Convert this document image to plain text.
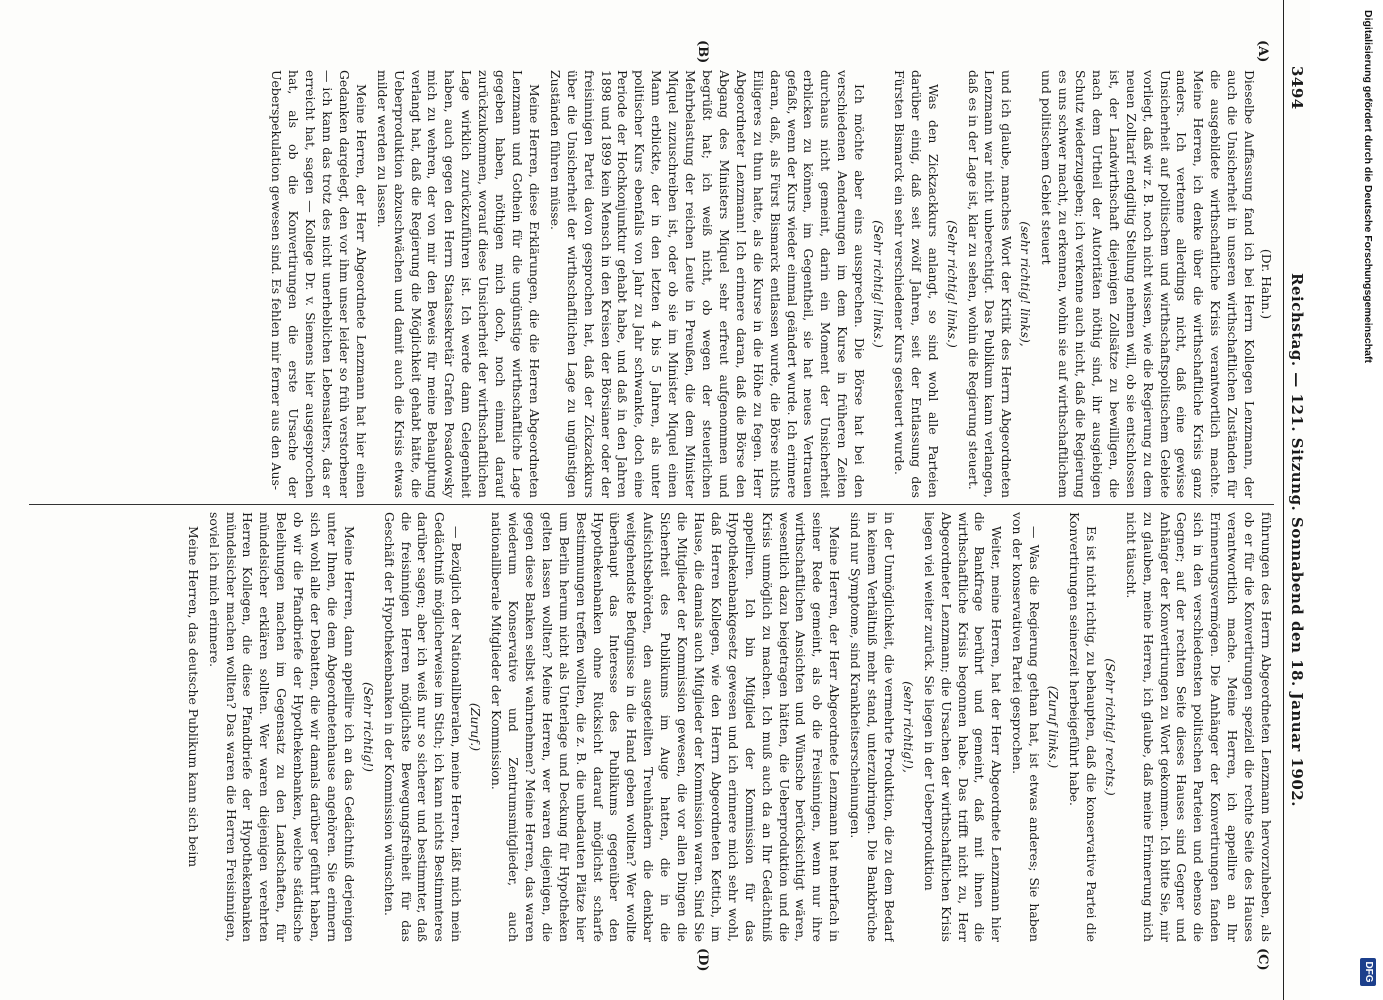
3494
Reichstag. — 121. Sitzung. Sonnabend den 18. Januar 1902.
(A)
(B)
(C)
(D)

(Dr. Hahn.)

Dieselbe Auffassung fand ich bei Herrn Kollegen Lenzmann, der auch die Unsicherheit in unseren wirthschaftlichen Zuständen für die ausgebildete wirthschaftliche Krisis verantwortlich machte. Meine Herren, ich denke über die wirthschaftliche Krisis ganz anders. Ich vertenne allerdings nicht, daß eine gewisse Unsicherheit auf politischem und wirthschaftspolitischem Gebiete vorliegt, daß wir z. B. noch nicht wissen, wie die Regierung zu dem neuen Zolltarif endgiltig Stellung nehmen will, ob sie entschlossen ist, der Landwirthschaft diejenigen Zollsätze zu bewilligen, die nach dem Urtheil der Autoritäten nöthig sind, ihr ausgiebigen Schutz wiederzugeben; ich verkenne auch nicht, daß die Regierung es uns schwer macht, zu erkennen, wohin sie auf wirthschaftlichem und politischem Gebiet steuert

(sehr richtig! links),

und ich glaube, manches Wort der Kritik des Herrn Abgeordneten Lenzmann war nicht unberechtigt. Das Publikum kann verlangen, daß es in der Lage ist, klar zu sehen, wohin die Regierung steuert.

(Sehr richtig! links.)

Was den Zickzackkurs anlangt, so sind wohl alle Parteien darüber einig, daß seit zwölf Jahren, seit der Entlassung des Fürsten Bismarck ein sehr verschiedener Kurs gesteuert wurde.

(Sehr richtig! links.)

Ich möchte aber eins aussprechen. Die Börse hat bei den verschiedenen Aenderungen im dem Kurse in früheren Zeiten durchaus nicht gemeint, darin ein Moment der Unsicherheit erblicken zu können, im Gegentheil, sie hat neues Vertrauen gefaßt, wenn der Kurs wieder einmal geändert wurde. Ich erinnere daran, daß, als Fürst Bismarck entlassen wurde, die Börse nichts Eiligeres zu thun hatte, als die Kurse in die Höhe zu fegen. Herr Abgeordneter Lenzmann! Ich erinnere daran, daß die Börse den Abgang des Ministers Miquel sehr erfreut aufgenommen und begrüßt hat; ich weiß nicht, ob wegen der steuerlichen Mehrbelastung der reichen Leute in Preußen, die dem Minister Miquel zuzuschreiben ist, oder ob sie im Minister Miquel einen Mann erblickte, der in den letzten 4 bis 5 Jahren, als unter politischer Kurs ebenfalls von Jahr zu Jahr schwankte, doch eine Periode der Hochkonjunktur gehabt habe, und daß in den Jahren 1898 und 1899 kein Mensch in den Kreisen der Börsianer oder der freisinnigen Partei davon gesprochen hat, daß der Zickzackkurs über die Unsicherheit der wirthschaftlichen Lage zu ungünstigen Zuständen führen müsse.

Meine Herren, diese Erklärungen, die die Herren Abgeordneten Lenzmann und Gothein für die ungünstige wirthschaftliche Lage gegeben haben, nöthigen mich doch, noch einmal darauf zurückzukommen, worauf diese Unsicherheit der wirthschaftlichen Lage wirklich zurückzuführen ist. Ich werde dann Gelegenheit haben, auch gegen den Herrn Staatssekretär Grafen Posadowsky mich zu wehren, der von mir den Beweis für meine Behauptung verlangt hat, daß die Regierung die Möglichkeit gehabt hätte, die Ueberproduktion abzuschwächen und damit auch die Krisis etwas milder werden zu lassen.

Meine Herren, der Herr Abgeordnete Lenzmann hat hier einen Gedanken dargelegt, den vor ihm unser leider so früh verstorbener — ich kann das trotz des nicht unerheblichen Lebensalters, das er erreicht hat, sagen — Kollege Dr. v. Siemens hier ausgesprochen hat, als ob die Konvertirungen die erste Ursache der Ueberspekulation gewesen sind. Es fehlen mir ferner aus den Aus-

führungen des Herrn Abgeordneten Lenzmann hervorzuheben, als ob er für die Konvertirungen speziell die rechte Seite des Hauses verantwortlich mache. Meine Herren, ich appellire an Ihr Erinnerungsvermögen. Die Anhänger der Konvertirungen fanden sich in den verschiedensten politischen Parteien und ebenso die Gegner; auf der rechten Seite dieses Hauses sind Gegner und Anhänger der Konvertirungen zu Wort gekommen. Ich bitte Sie, mir zu glauben, meine Herren, ich glaube, daß meine Erinnerung mich nicht täuscht.

(Sehr richtig! rechts.)

Es ist nicht richtig, zu behaupten, daß die konservative Partei die Konvertirungen seinerzeit herbeigeführt habe.

(Zuruf links.)

— Was die Regierung gethan hat, ist etwas anderes; Sie haben von der konservativen Partei gesprochen.

Weiter, meine Herren, hat der Herr Abgeordnete Lenzmann hier die Bankfrage berührt und gemeint, daß mit ihnen die wirthschaftliche Krisis begonnen habe. Das trifft nicht zu, Herr Abgeordneter Lenzmann; die Ursachen der wirthschaftlichen Krisis liegen viel weiter zurück. Sie liegen in der Ueberproduktion

(sehr richtig!),

in der Unmöglichkeit, die vermehrte Produktion, die zu dem Bedarf in keinem Verhältniß mehr stand, unterzubringen. Die Bankbrüche sind nur Symptome, sind Krankheitserscheinungen.

Meine Herren, der Herr Abgeordnete Lenzmann hat mehrfach in seiner Rede gemeint, als ob die Freisinnigen, wenn nur ihre wirthschaftlichen Ansichten und Wünsche berücksichtigt wären, wesentlich dazu beigetragen hätten, die Ueberproduktion und die Krisis unmöglich zu machen. Ich muß auch da an Ihr Gedächtniß appelliren. Ich bin Mitglied der Kommission für das Hypothekenbankgesetz gewesen und ich erinnere mich sehr wohl, daß Herren Kollegen, wie den Herrn Abgeordneten Kettich, im Hause, die damals auch Mitglieder der Kommission waren. Sind Sie die Mitglieder der Kommission gewesen, die vor allen Dingen die Sicherheit des Publikums im Auge hatten, die in die Aufsichtsbehörden, den ausgeteilten Treuhändern die denkbar weitgehendste Befugnisse in die Hand geben wollten? Wer wollte überhaupt das Interesse des Publikums gegenüber den Hypothekenbanken ohne Rücksicht darauf möglichst scharfe Bestimmungen treffen wollten, die z. B. die unbedauten Plätze hier um Berlin herum nicht als Unterlage und Deckung für Hypotheken gelten lassen wollten? Meine Herren, wer waren diejenigen, die gegen diese Banken selbst wahrnehmen? Meine Herren, das waren wiederum Konservative und Zentrumsmitglieder, auch nationalliberale Mitglieder der Kommission.

(Zuruf.)

— Bezüglich der Nationalliberalen, meine Herren, läßt mich mein Gedächtniß möglicherweise im Stich; ich kann nichts Bestimmteres darüber sagen; aber ich weiß nur so sicherer und bestimmter, daß die freisinnigen Herren möglichste Bewegungsfreiheit für das Geschäft der Hypothekenbanken in der Kommission wünschten.

(Sehr richtig!)

Meine Herren, dann appellire ich an das Gedächtniß derjenigen unter Ihnen, die dem Abgeordnetenhause angehören. Sie erinnern sich wohl alle der Debatten, die wir damals darüber geführt haben, ob wir die Pfandbriefe der Hypothekenbanken, welche städtische Beleihungen machen im Gegensatz zu den Landschaften, für mündelsicher erklären sollten. Wer waren diejenigen verehrten Herren Kollegen, die diese Pfandbriefe der Hypothekenbanken mündelsicher machen wollten? Das waren die Herren Freisinnigen, soviel ich mich erinnere.

Meine Herren, das deutsche Publikum kann sich beim

Digitalisierung gefördert durch die Deutsche Forschungsgemeinschaft
DFG
